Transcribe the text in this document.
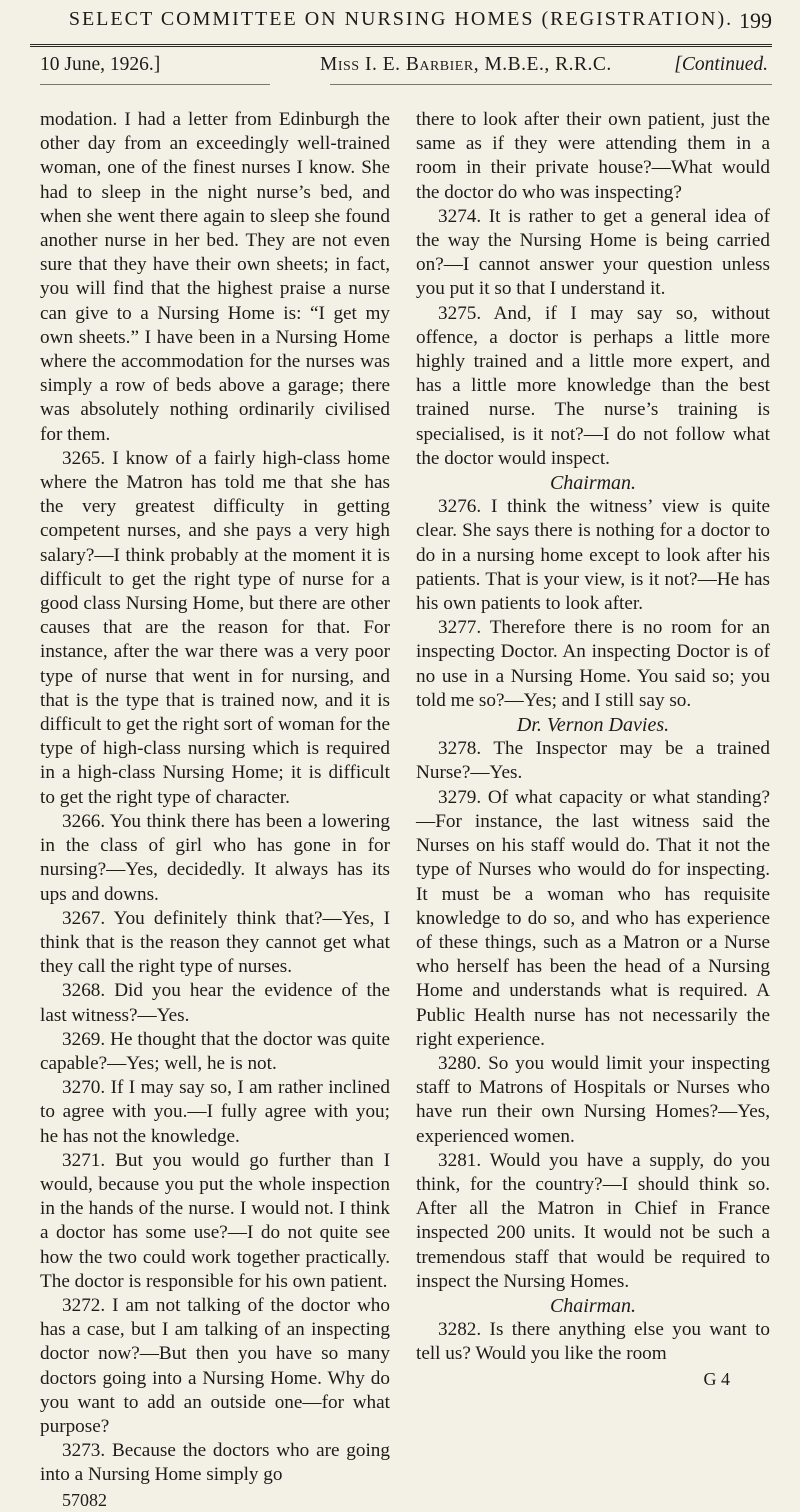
SELECT COMMITTEE ON NURSING HOMES (REGISTRATION). 199
10 June, 1926.]	Miss I. E. Barbier, M.B.E., R.R.C.	[Continued.

modation. I had a letter from Edinburgh the other day from an exceedingly well-trained woman, one of the finest nurses I know. She had to sleep in the night nurse’s bed, and when she went there again to sleep she found another nurse in her bed. They are not even sure that they have their own sheets; in fact, you will find that the highest praise a nurse can give to a Nursing Home is: “I get my own sheets.” I have been in a Nursing Home where the accommodation for the nurses was simply a row of beds above a garage; there was absolutely nothing ordinarily civilised for them.

3265. I know of a fairly high-class home where the Matron has told me that she has the very greatest difficulty in getting competent nurses, and she pays a very high salary?—I think probably at the moment it is difficult to get the right type of nurse for a good class Nursing Home, but there are other causes that are the reason for that. For instance, after the war there was a very poor type of nurse that went in for nursing, and that is the type that is trained now, and it is difficult to get the right sort of woman for the type of high-class nursing which is required in a high-class Nursing Home; it is difficult to get the right type of character.

3266. You think there has been a lowering in the class of girl who has gone in for nursing?—Yes, decidedly. It always has its ups and downs.

3267. You definitely think that?—Yes, I think that is the reason they cannot get what they call the right type of nurses.

3268. Did you hear the evidence of the last witness?—Yes.

3269. He thought that the doctor was quite capable?—Yes; well, he is not.

3270. If I may say so, I am rather inclined to agree with you.—I fully agree with you; he has not the knowledge.

3271. But you would go further than I would, because you put the whole inspection in the hands of the nurse. I would not. I think a doctor has some use?—I do not quite see how the two could work together practically. The doctor is responsible for his own patient.

3272. I am not talking of the doctor who has a case, but I am talking of an inspecting doctor now?—But then you have so many doctors going into a Nursing Home. Why do you want to add an outside one—for what purpose?

3273. Because the doctors who are going into a Nursing Home simply go

57082

there to look after their own patient, just the same as if they were attending them in a room in their private house?—What would the doctor do who was inspecting?

3274. It is rather to get a general idea of the way the Nursing Home is being carried on?—I cannot answer your question unless you put it so that I understand it.

3275. And, if I may say so, without offence, a doctor is perhaps a little more highly trained and a little more expert, and has a little more knowledge than the best trained nurse. The nurse’s training is specialised, is it not?—I do not follow what the doctor would inspect.

Chairman.

3276. I think the witness’ view is quite clear. She says there is nothing for a doctor to do in a nursing home except to look after his patients. That is your view, is it not?—He has his own patients to look after.

3277. Therefore there is no room for an inspecting Doctor. An inspecting Doctor is of no use in a Nursing Home. You said so; you told me so?—Yes; and I still say so.

Dr. Vernon Davies.

3278. The Inspector may be a trained Nurse?—Yes.

3279. Of what capacity or what standing?—For instance, the last witness said the Nurses on his staff would do. That it not the type of Nurses who would do for inspecting. It must be a woman who has requisite knowledge to do so, and who has experience of these things, such as a Matron or a Nurse who herself has been the head of a Nursing Home and understands what is required. A Public Health nurse has not necessarily the right experience.

3280. So you would limit your inspecting staff to Matrons of Hospitals or Nurses who have run their own Nursing Homes?—Yes, experienced women.

3281. Would you have a supply, do you think, for the country?—I should think so. After all the Matron in Chief in France inspected 200 units. It would not be such a tremendous staff that would be required to inspect the Nursing Homes.

Chairman.

3282. Is there anything else you want to tell us? Would you like the room

G 4
